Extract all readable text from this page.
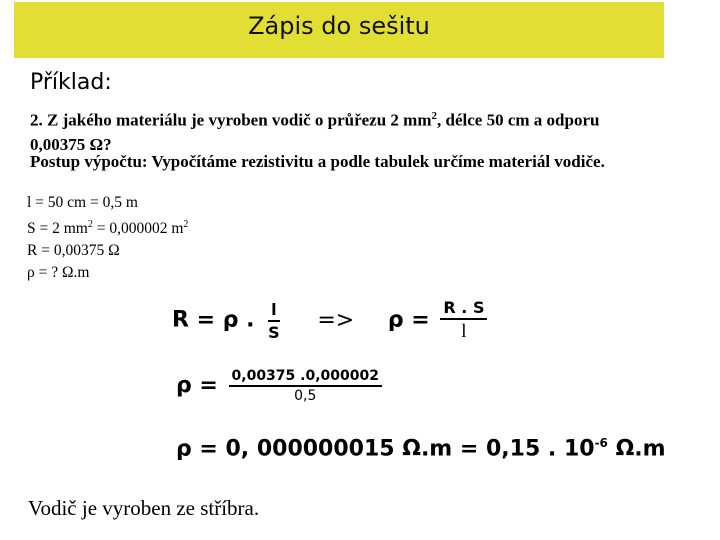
Zápis do sešitu
Příklad:
2. Z jakého materiálu je vyroben vodič o průřezu 2 $mm^2$, délce 50 cm a odporu
0,00375 Ω?
Postup výpočtu: Vypočítáme rezistivitu a podle tabulek určíme materiál vodiče.
l = 50 cm = 0,5 m
S = 2 $mm^2 = 0,000002$ $m^2$
R = 0,00375 Ω
ρ = ? Ω.m
R = ρ . $\frac{l}{S} => \rho = \frac{R . S}{l}$
$\rho = \frac{0,00375 .0,000002}{0,5}$
ρ = 0, 000000015 Ω.m = 0,15 . $10^{-6}$ Ω.m
Vodič je vyroben ze stříbra.
